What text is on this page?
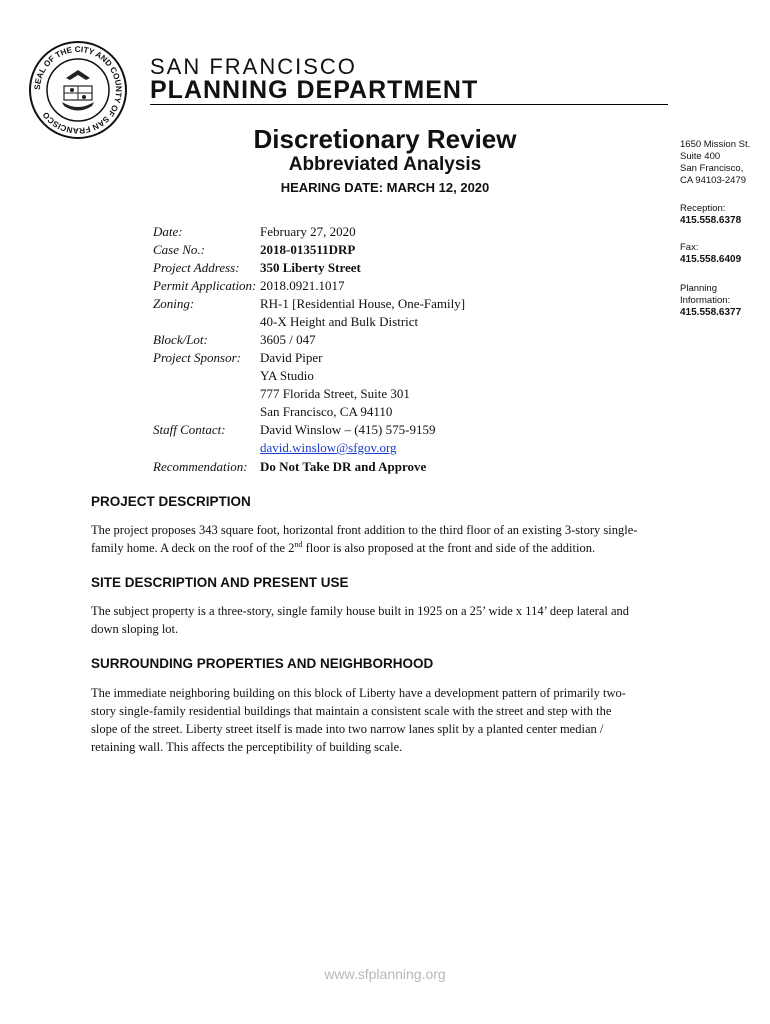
SEAL OF THE CITY AND COUNTY OF SAN FRANCISCO
SAN FRANCISCO
PLANNING DEPARTMENT
Discretionary Review
Abbreviated Analysis
HEARING DATE: MARCH 12, 2020
1650 Mission St.
Suite 400
San Francisco,
CA 94103-2479
Reception:
415.558.6378
Fax:
415.558.6409
Planning
Information:
415.558.6377
Date:	February 27, 2020
Case No.:	2018-013511DRP
Project Address: 350 Liberty Street
Permit Application: 2018.0921.1017
Zoning:	RH-1 [Residential House, One-Family]
40-X Height and Bulk District
Block/Lot:	3605 / 047
Project Sponsor: David Piper
YA Studio
777 Florida Street, Suite 301
San Francisco, CA 94110
Staff Contact:	David Winslow – (415) 575-9159
david.winslow@sfgov.org
Recommendation: Do Not Take DR and Approve
PROJECT DESCRIPTION
The project proposes 343 square foot, horizontal front addition to the third floor of an existing 3-story single-
family home. A deck on the roof of the 2nd floor is also proposed at the front and side of the addition.
SITE DESCRIPTION AND PRESENT USE
The subject property is a three-story, single family house built in 1925 on a 25’ wide x 114’ deep lateral and
down sloping lot.
SURROUNDING PROPERTIES AND NEIGHBORHOOD
The immediate neighboring building on this block of Liberty have a development pattern of primarily two-
story single-family residential buildings that maintain a consistent scale with the street and step with the
slope of the street. Liberty street itself is made into two narrow lanes split by a planted center median /
retaining wall. This affects the perceptibility of building scale.
www.sfplanning.org
